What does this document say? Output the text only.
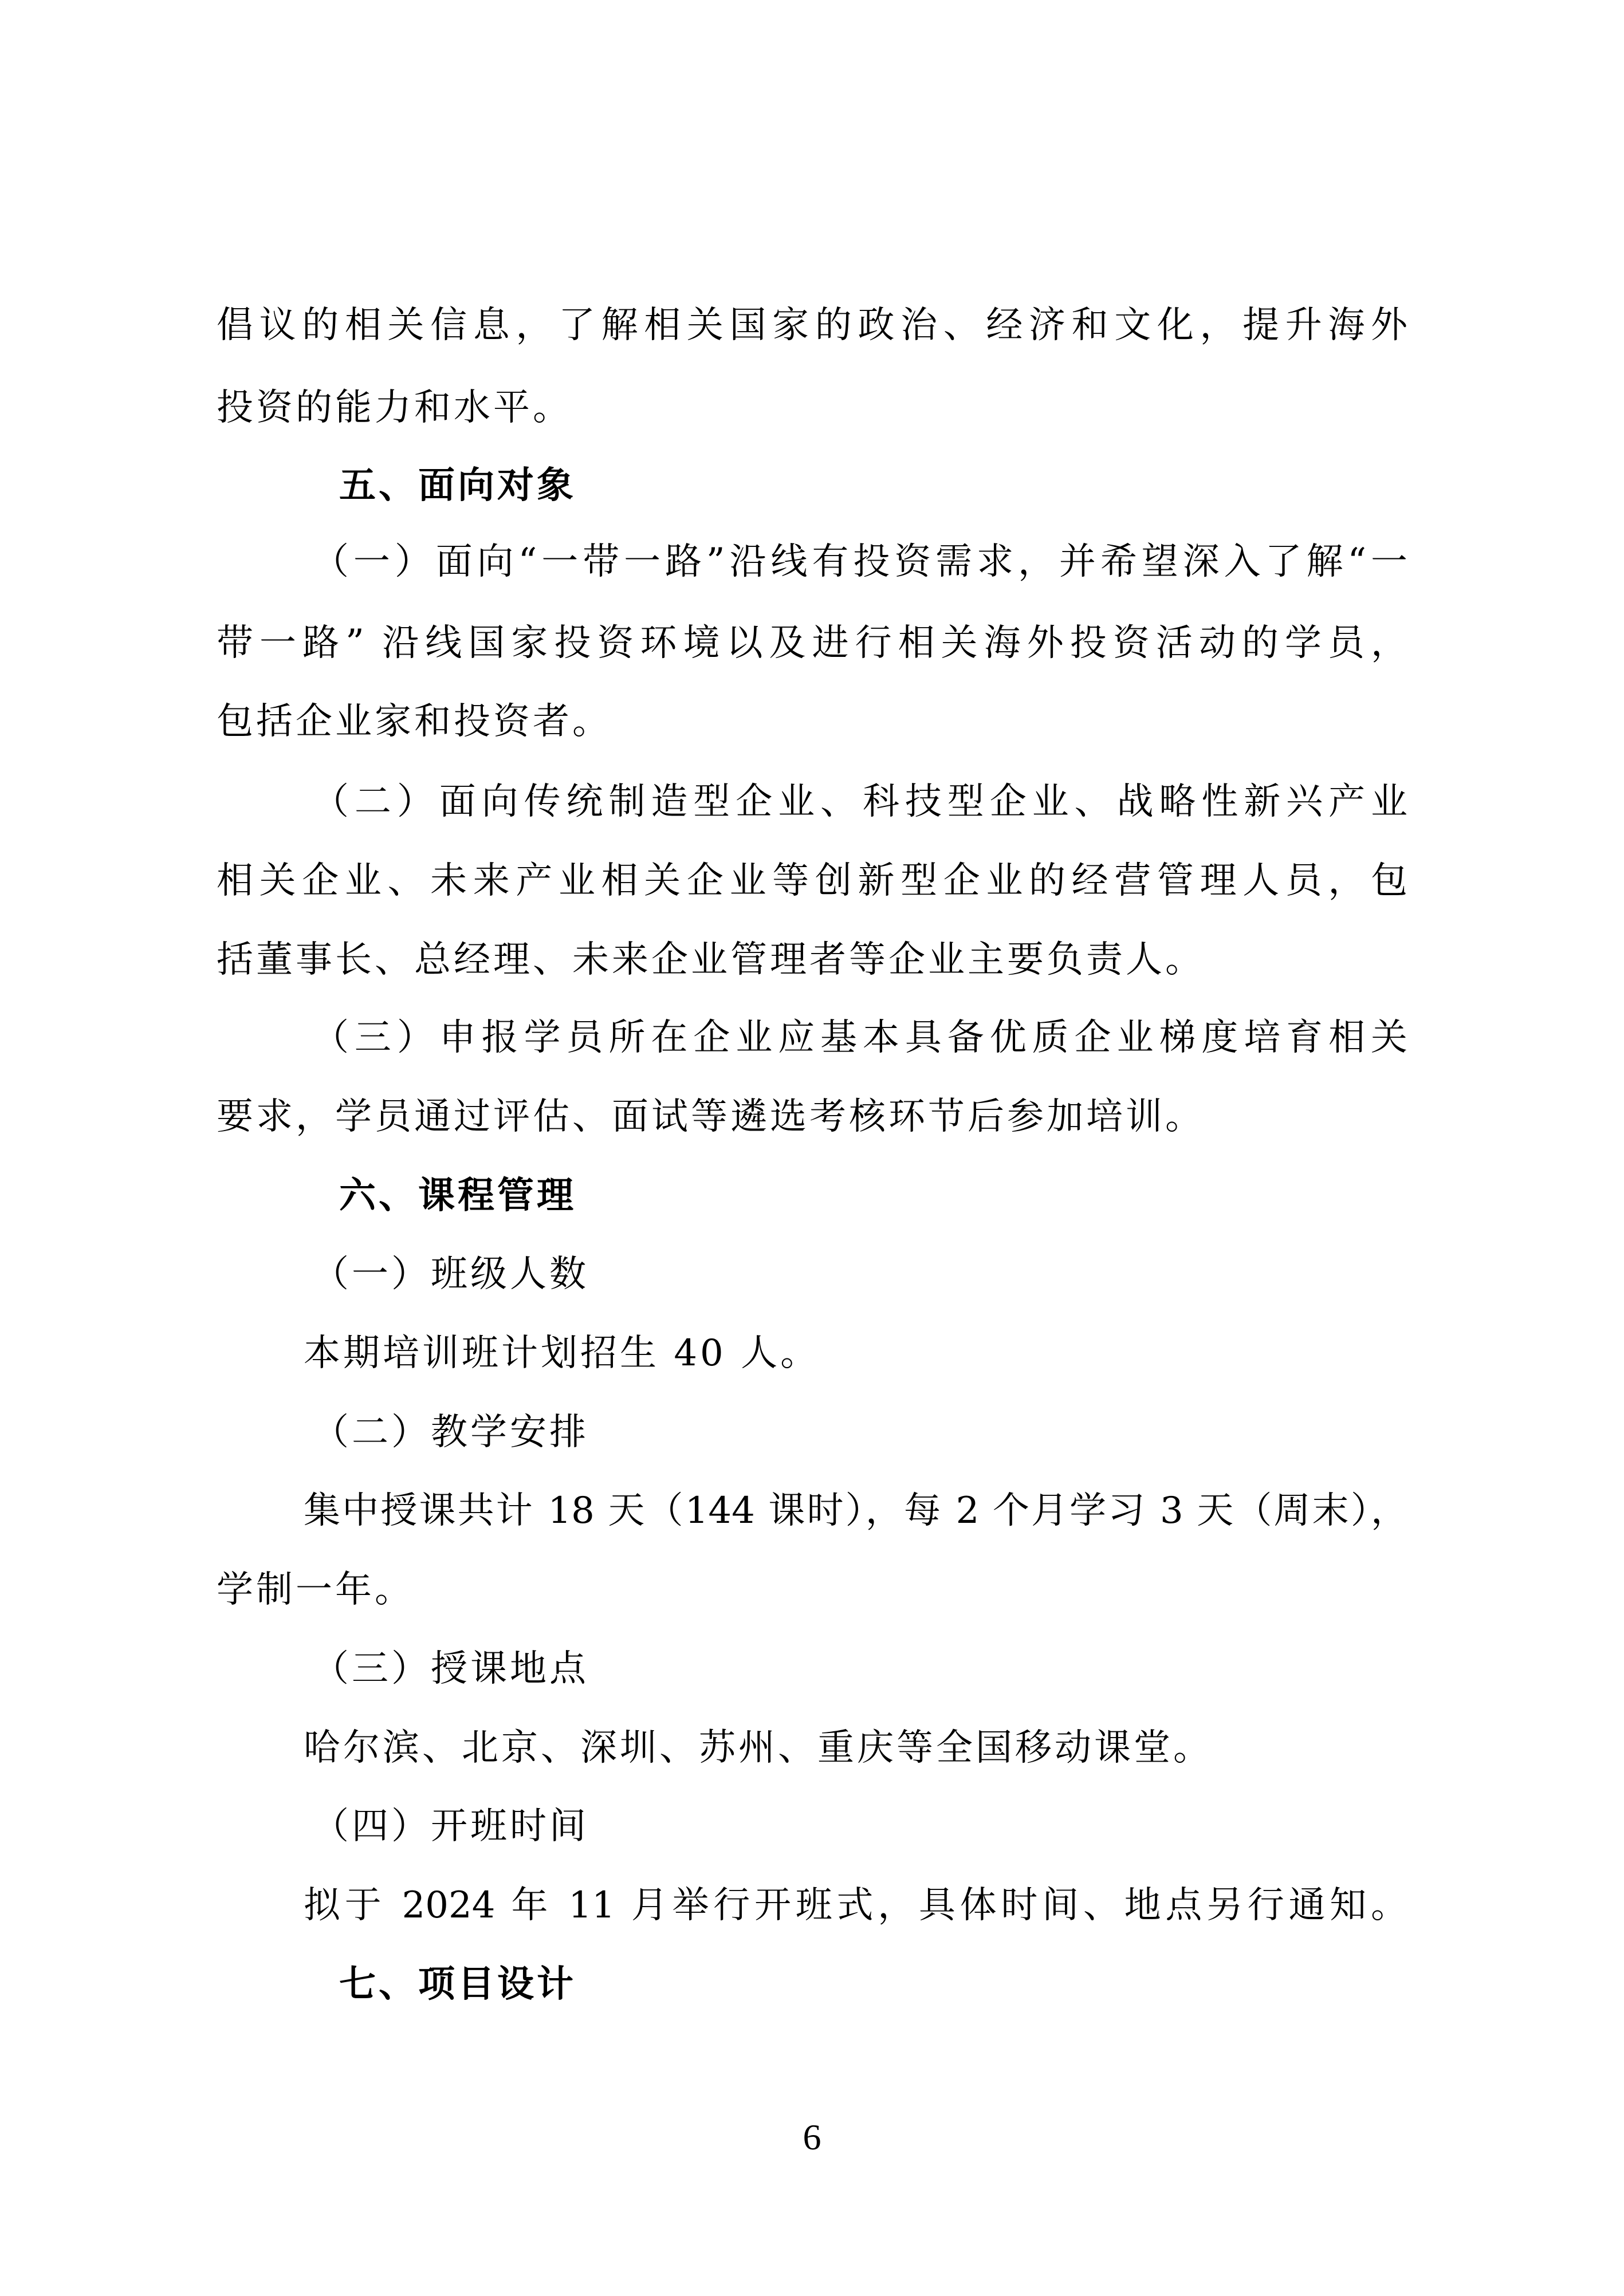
倡议的相关信息，了解相关国家的政治、经济和文化，提升海外
投资的能力和水平。
五、面向对象
（一）面向“一带一路”沿线有投资需求，并希望深入了解“一
带一路” 沿线国家投资环境以及进行相关海外投资活动的学员，
包括企业家和投资者。
（二）面向传统制造型企业、科技型企业、战略性新兴产业
相关企业、未来产业相关企业等创新型企业的经营管理人员，包
括董事长、总经理、未来企业管理者等企业主要负责人。
（三）申报学员所在企业应基本具备优质企业梯度培育相关
要求，学员通过评估、面试等遴选考核环节后参加培训。
六、课程管理
（一）班级人数
本期培训班计划招生 40 人。
（二）教学安排
集中授课共计 18 天（144 课时），每 2 个月学习 3 天（周末），
学制一年。
（三）授课地点
哈尔滨、北京、深圳、苏州、重庆等全国移动课堂。
（四）开班时间
拟于 2024 年 11 月举行开班式，具体时间、地点另行通知。
七、项目设计
6
